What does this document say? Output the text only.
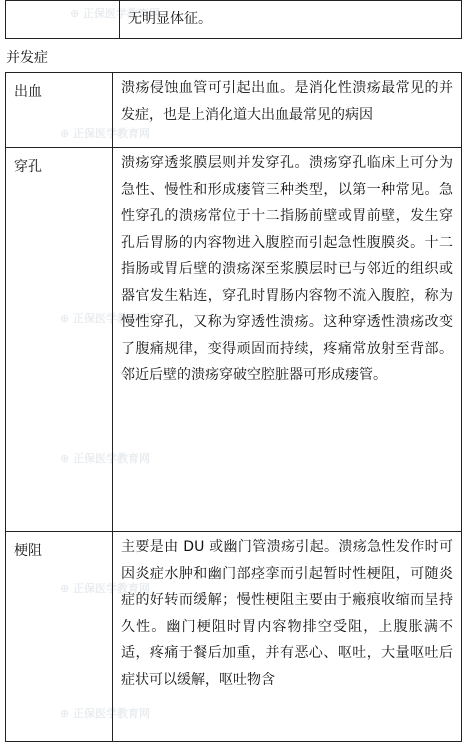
⊕ 正保医学教育网
⊕ 正保医学教育网
⊕ 正保医学教育网
⊕ 正保医学教育网
⊕ 正保医学教育网
⊕ 正保医学教育网
	无明显体征。
并发症
出血	溃疡侵蚀血管可引起出血。是消化性溃疡最常见的并发症，也是上消化道大出血最常见的病因
穿孔	溃疡穿透浆膜层则并发穿孔。溃疡穿孔临床上可分为急性、慢性和形成瘘管三种类型，以第一种常见。急性穿孔的溃疡常位于十二指肠前壁或胃前壁，发生穿孔后胃肠的内容物进入腹腔而引起急性腹膜炎。十二指肠或胃后壁的溃疡深至浆膜层时已与邻近的组织或器官发生粘连，穿孔时胃肠内容物不流入腹腔，称为慢性穿孔，又称为穿透性溃疡。这种穿透性溃疡改变了腹痛规律，变得顽固而持续，疼痛常放射至背部。邻近后壁的溃疡穿破空腔脏器可形成瘘管。
梗阻	主要是由 DU 或幽门管溃疡引起。溃疡急性发作时可因炎症水肿和幽门部痉挛而引起暂时性梗阻，可随炎症的好转而缓解；慢性梗阻主要由于瘢痕收缩而呈持久性。幽门梗阻时胃内容物排空受阻，上腹胀满不适，疼痛于餐后加重，并有恶心、呕吐，大量呕吐后症状可以缓解，呕吐物含
